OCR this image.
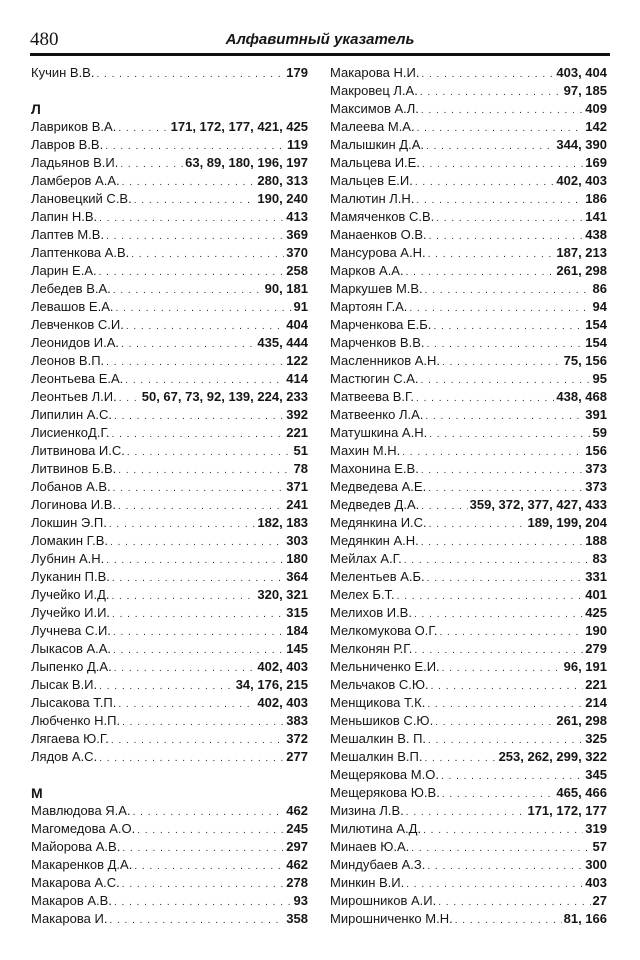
480	Алфавитный указатель
Кучин В.В. . . .	179
Л
Лавриков В.А. . . .	171, 172, 177, 421, 425
Лавров В.В. . . .	119
Ладьянов В.И. . . .	63, 89, 180, 196, 197
Ламберов А.А. . . .	280, 313
Лановецкий С.В. . . .	190, 240
Лапин Н.В. . . .	413
Лаптев М.В. . . .	369
Лаптенкова А.В. . . .	370
Ларин Е.А. . . .	258
Лебедев В.А. . . .	90, 181
Левашов Е.А. . . .	91
Левченков С.И. . . .	404
Леонидов И.А. . . .	435, 444
Леонов В.П. . . .	122
Леонтьева Е.А. . . .	414
Леонтьев Л.И. . . . 50, 67, 73, 92, 139, 224, 233
Липилин А.С. . . .	392
ЛисиенкоД.Г. . . .	221
Литвинова И.С. . . .	51
Литвинов Б.В. . . .	78
Лобанов А.В. . . .	371
Логинова И.В. . . .	241
Локшин Э.П. . . .	182, 183
Ломакин Г.В. . . .	303
Лубнин А.Н. . . .	180
Луканин П.В. . . .	364
Лучейко И.Д. . . .	320, 321
Лучейко И.И. . . .	315
Лучнева С.И. . . .	184
Лыкасов А.А. . . .	145
Лыпенко Д.А. . . .	402, 403
Лысак В.И. . . .	34, 176, 215
Лысакова Т.П. . . .	402, 403
Любченко Н.П. . . .	383
Лягаева Ю.Г. . . .	372
Лядов А.С. . . .	277
М
Мавлюдова Я.А. . . .	462
Магомедова А.О. . . .	245
Майорова А.В. . . .	297
Макаренков Д.А. . . .	462
Макарова А.С. . . .	278
Макаров А.В. . . .	93
Макарова И. . . .	358
Макарова Н.И. . . .	403, 404
Макровец Л.А. . . .	97, 185
Максимов А.Л. . . .	409
Малеева М.А. . . .	142
Малышкин Д.А. . . .	344, 390
Мальцева И.Е. . . .	169
Мальцев Е.И. . . .	402, 403
Малютин Л.Н. . . .	186
Мамяченков С.В. . . .	141
Манаенков О.В. . . .	438
Мансурова А.Н. . . .	187, 213
Марков А.А. . . .	261, 298
Маркушев М.В. . . .	86
Мартоян Г.А. . . .	94
Марченкова Е.Б. . . .	154
Марченков В.В. . . .	154
Масленников А.Н. . . .	75, 156
Мастюгин С.А. . . .	95
Матвеева В.Г. . . .	438, 468
Матвеенко Л.А. . . .	391
Матушкина А.Н. . . .	59
Махин М.Н. . . .	156
Махонина Е.В. . . .	373
Медведева А.Е. . . .	373
Медведев Д.А. . . .	359, 372, 377, 427, 433
Медянкина И.С. . . .	189, 199, 204
Медянкин А.Н. . . .	188
Мейлах А.Г. . . .	83
Мелентьев А.Б. . . .	331
Мелех Б.Т. . . .	401
Мелихов И.В. . . .	425
Мелкомукова О.Г. . . .	190
Мелконян Р.Г. . . .	279
Мельниченко Е.И. . . .	96, 191
Мельчаков С.Ю. . . .	221
Менщикова Т.К. . . .	214
Меньшиков С.Ю. . . .	261, 298
Мешалкин В. П. . . .	325
Мешалкин В.П. . . .	253, 262, 299, 322
Мещерякова М.О. . . .	345
Мещерякова Ю.В. . . .	465, 466
Мизина Л.В. . . .	171, 172, 177
Милютина А.Д. . . .	319
Минаев Ю.А. . . .	57
Миндубаев А.З. . . .	300
Минкин В.И. . . .	403
Мирошников А.И. . . .	27
Мирошниченко М.Н. . . .	81, 166
